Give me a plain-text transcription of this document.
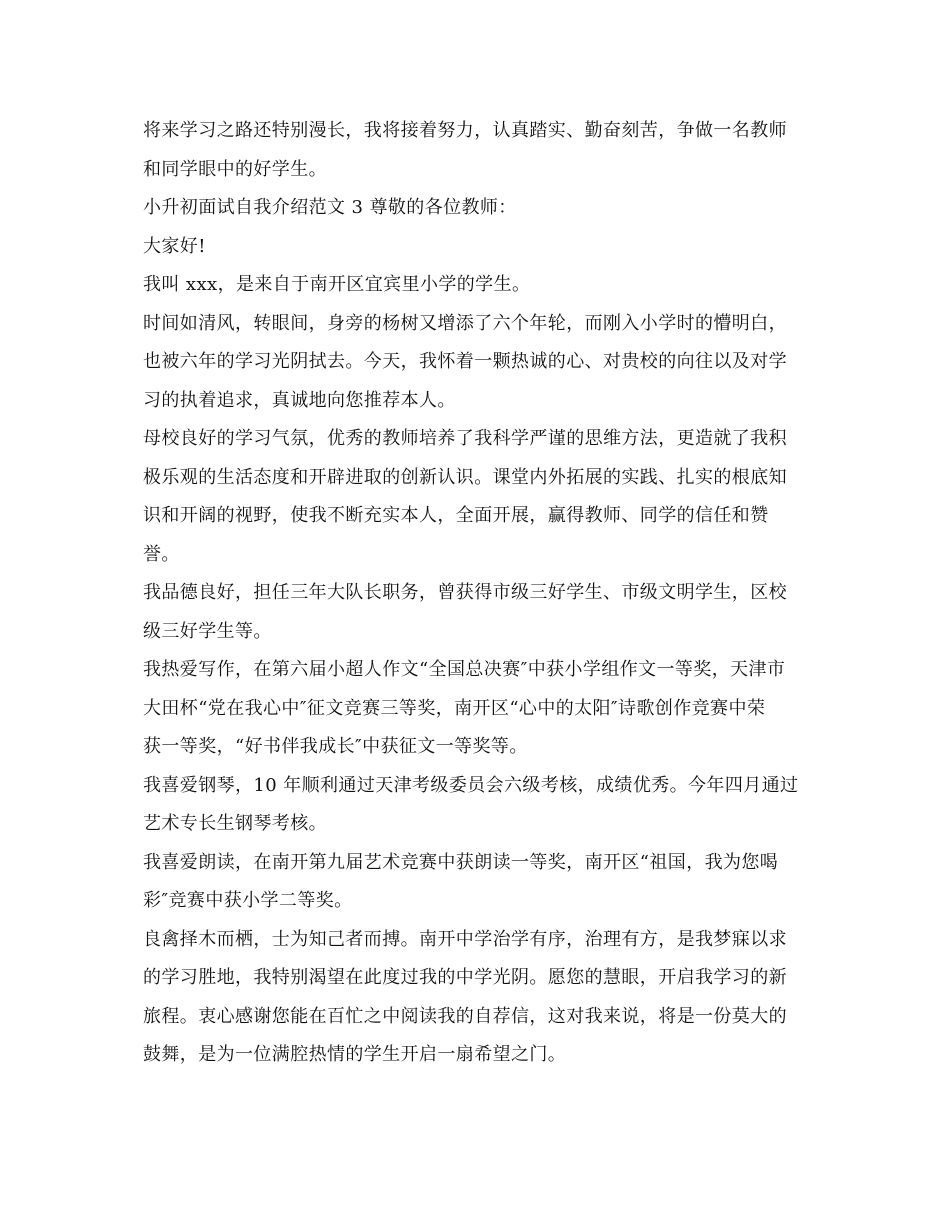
将来学习之路还特别漫长，我将接着努力，认真踏实、勤奋刻苦，争做一名教师
和同学眼中的好学生。
小升初面试自我介绍范文 3 尊敬的各位教师：
大家好!
我叫 xxx，是来自于南开区宜宾里小学的学生。
时间如清风，转眼间，身旁的杨树又增添了六个年轮，而刚入小学时的懵明白，
也被六年的学习光阴拭去。今天，我怀着一颗热诚的心、对贵校的向往以及对学
习的执着追求，真诚地向您推荐本人。
母校良好的学习气氛，优秀的教师培养了我科学严谨的思维方法，更造就了我积
极乐观的生活态度和开辟进取的创新认识。课堂内外拓展的实践、扎实的根底知
识和开阔的视野，使我不断充实本人，全面开展，赢得教师、同学的信任和赞
誉。
我品德良好，担任三年大队长职务，曾获得市级三好学生、市级文明学生，区校
级三好学生等。
我热爱写作，在第六届小超人作文“全国总决赛″中获小学组作文一等奖，天津市
大田杯“党在我心中″征文竞赛三等奖，南开区“心中的太阳″诗歌创作竞赛中荣
获一等奖，“好书伴我成长″中获征文一等奖等。
我喜爱钢琴，10 年顺利通过天津考级委员会六级考核，成绩优秀。今年四月通过
艺术专长生钢琴考核。
我喜爱朗读，在南开第九届艺术竞赛中获朗读一等奖，南开区“祖国，我为您喝
彩″竞赛中获小学二等奖。
良禽择木而栖，士为知己者而搏。南开中学治学有序，治理有方，是我梦寐以求
的学习胜地，我特别渴望在此度过我的中学光阴。愿您的慧眼，开启我学习的新
旅程。衷心感谢您能在百忙之中阅读我的自荐信，这对我来说，将是一份莫大的
鼓舞，是为一位满腔热情的学生开启一扇希望之门。
